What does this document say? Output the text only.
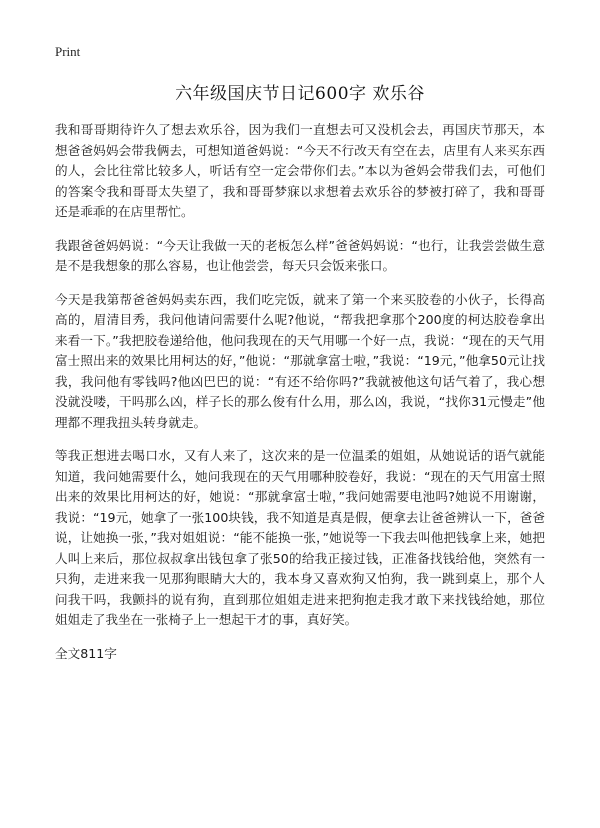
Print
六年级国庆节日记600字 欢乐谷

我和哥哥期待许久了想去欢乐谷，因为我们一直想去可又没机会去，再国庆节那天，本想爸爸妈妈会带我俩去，可想知道爸妈说：“今天不行改天有空在去，店里有人来买东西的人，会比往常比较多人，听话有空一定会带你们去。”本以为爸妈会带我们去，可他们的答案令我和哥哥太失望了，我和哥哥梦寐以求想着去欢乐谷的梦被打碎了，我和哥哥还是乖乖的在店里帮忙。

我跟爸爸妈妈说：“今天让我做一天的老板怎么样”爸爸妈妈说：“也行，让我尝尝做生意是不是我想象的那么容易，也让他尝尝，每天只会饭来张口。

今天是我第帮爸爸妈妈卖东西，我们吃完饭，就来了第一个来买胶卷的小伙子，长得高高的，眉清目秀，我问他请问需要什么呢?他说，“帮我把拿那个200度的柯达胶卷拿出来看一下。”我把胶卷递给他，他问我现在的天气用哪一个好一点，我说：“现在的天气用富士照出来的效果比用柯达的好，”他说：“那就拿富士啦，”我说：“19元，”他拿50元让找我，我问他有零钱吗?他凶巴巴的说：“有还不给你吗?”我就被他这句话气着了，我心想没就没喽，干吗那么凶，样子长的那么俊有什么用，那么凶，我说，“找你31元慢走”他理都不理我扭头转身就走。

等我正想进去喝口水，又有人来了，这次来的是一位温柔的姐姐，从她说话的语气就能知道，我问她需要什么，她问我现在的天气用哪种胶卷好，我说：“现在的天气用富士照出来的效果比用柯达的好，她说：“那就拿富士啦，”我问她需要电池吗?她说不用谢谢，我说：“19元，她拿了一张100块钱，我不知道是真是假，便拿去让爸爸辨认一下，爸爸说，让她换一张，”我对姐姐说：“能不能换一张，”她说等一下我去叫他把钱拿上来，她把人叫上来后，那位叔叔拿出钱包拿了张50的给我正接过钱，正准备找钱给他，突然有一只狗，走进来我一见那狗眼睛大大的，我本身又喜欢狗又怕狗，我一跳到桌上，那个人问我干吗，我颤抖的说有狗，直到那位姐姐走进来把狗抱走我才敢下来找钱给她，那位姐姐走了我坐在一张椅子上一想起干才的事，真好笑。

全文811字
